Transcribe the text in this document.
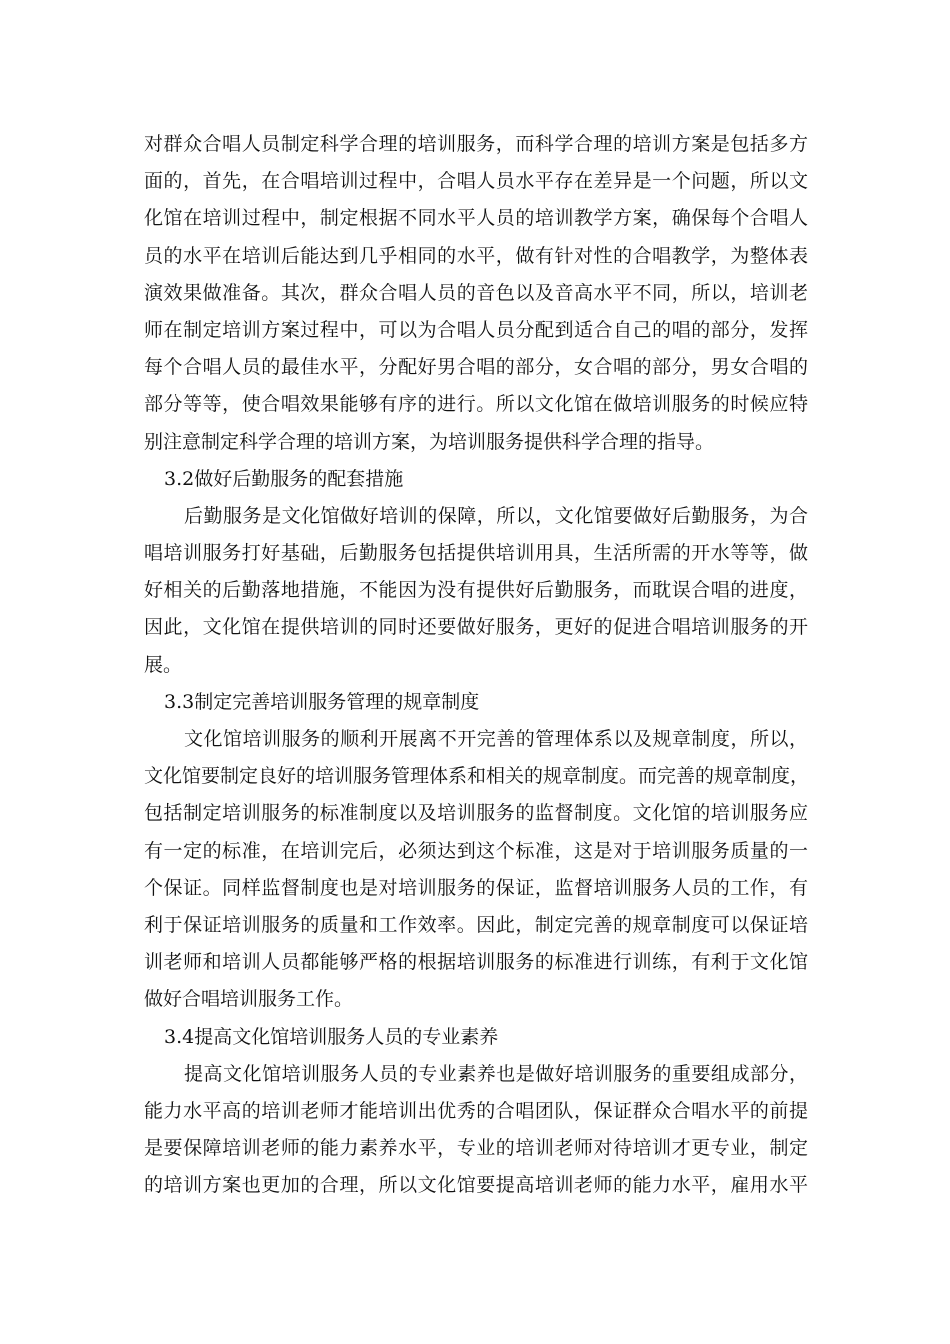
对群众合唱人员制定科学合理的培训服务，而科学合理的培训方案是包括多方
面的，首先，在合唱培训过程中，合唱人员水平存在差异是一个问题，所以文
化馆在培训过程中，制定根据不同水平人员的培训教学方案，确保每个合唱人
员的水平在培训后能达到几乎相同的水平，做有针对性的合唱教学，为整体表
演效果做准备。其次，群众合唱人员的音色以及音高水平不同，所以，培训老
师在制定培训方案过程中，可以为合唱人员分配到适合自己的唱的部分，发挥
每个合唱人员的最佳水平，分配好男合唱的部分，女合唱的部分，男女合唱的
部分等等，使合唱效果能够有序的进行。所以文化馆在做培训服务的时候应特
别注意制定科学合理的培训方案，为培训服务提供科学合理的指导。
3.2做好后勤服务的配套措施
后勤服务是文化馆做好培训的保障，所以，文化馆要做好后勤服务，为合
唱培训服务打好基础，后勤服务包括提供培训用具，生活所需的开水等等，做
好相关的后勤落地措施，不能因为没有提供好后勤服务，而耽误合唱的进度，
因此，文化馆在提供培训的同时还要做好服务，更好的促进合唱培训服务的开
展。
3.3制定完善培训服务管理的规章制度
文化馆培训服务的顺利开展离不开完善的管理体系以及规章制度，所以，
文化馆要制定良好的培训服务管理体系和相关的规章制度。而完善的规章制度，
包括制定培训服务的标准制度以及培训服务的监督制度。文化馆的培训服务应
有一定的标准，在培训完后，必须达到这个标准，这是对于培训服务质量的一
个保证。同样监督制度也是对培训服务的保证，监督培训服务人员的工作，有
利于保证培训服务的质量和工作效率。因此，制定完善的规章制度可以保证培
训老师和培训人员都能够严格的根据培训服务的标准进行训练，有利于文化馆
做好合唱培训服务工作。
3.4提高文化馆培训服务人员的专业素养
提高文化馆培训服务人员的专业素养也是做好培训服务的重要组成部分，
能力水平高的培训老师才能培训出优秀的合唱团队，保证群众合唱水平的前提
是要保障培训老师的能力素养水平，专业的培训老师对待培训才更专业，制定
的培训方案也更加的合理，所以文化馆要提高培训老师的能力水平，雇用水平
